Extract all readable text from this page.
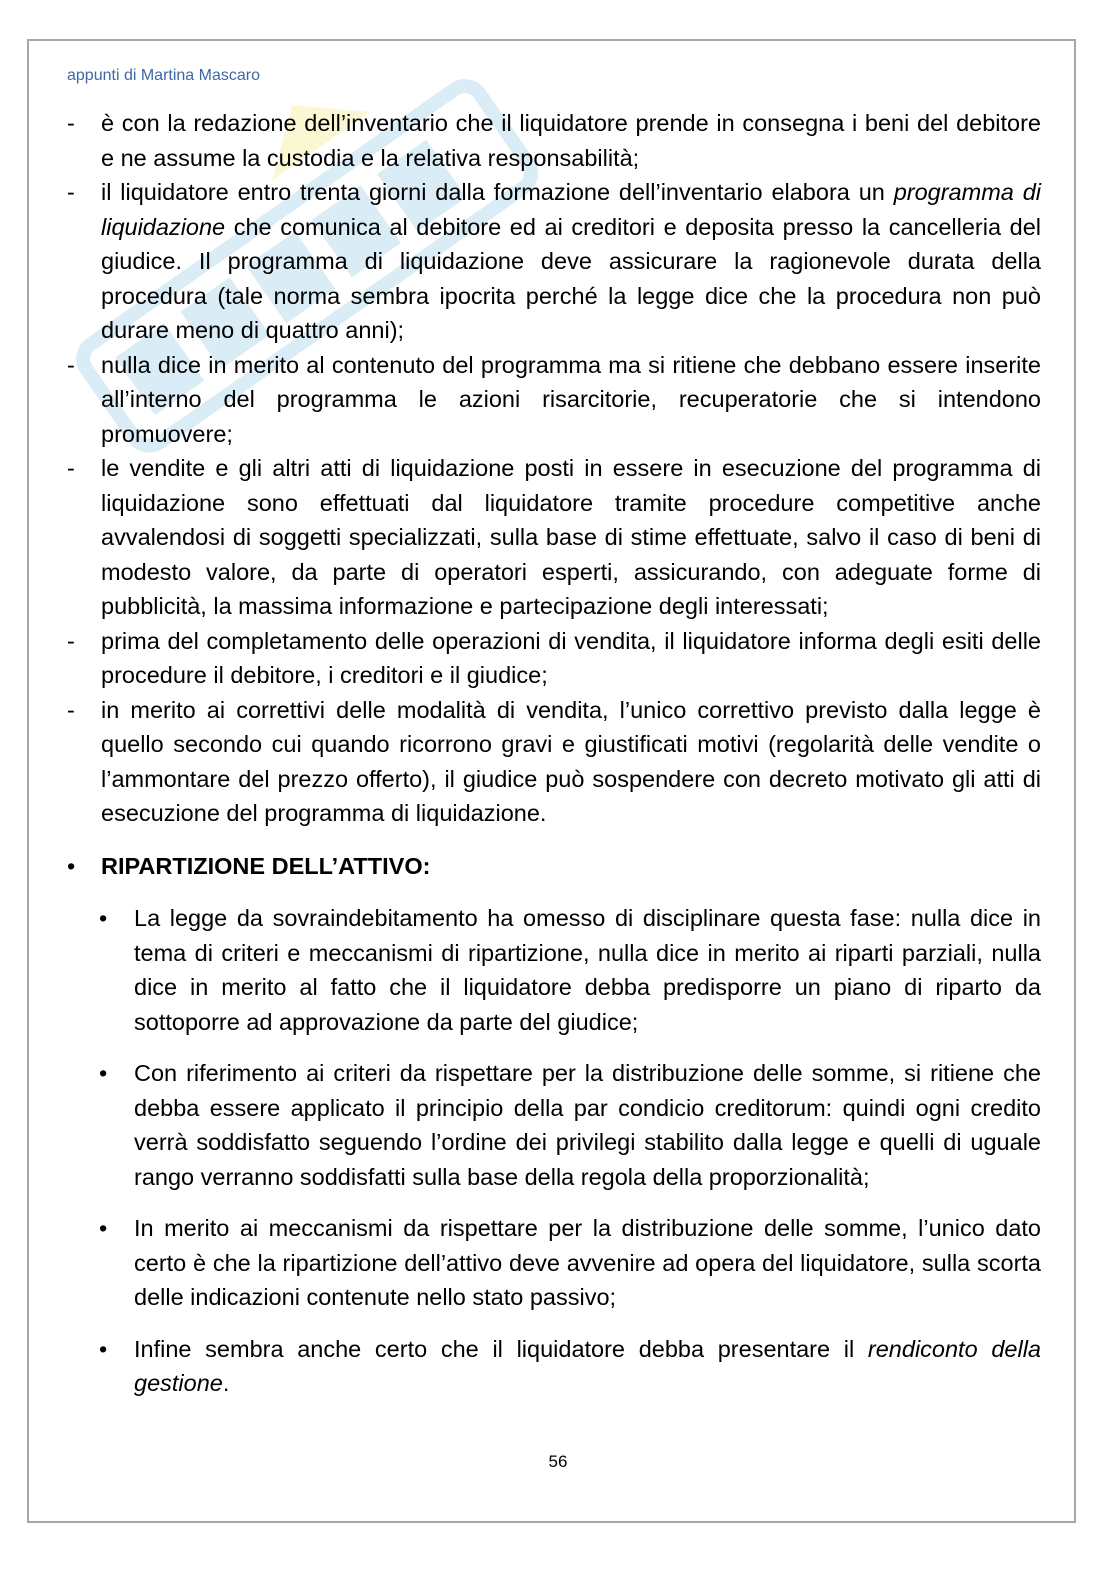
appunti di Martina Mascaro
- è con la redazione dell’inventario che il liquidatore prende in consegna i beni del debitore e ne assume la custodia e la relativa responsabilità;
- il liquidatore entro trenta giorni dalla formazione dell’inventario elabora un programma di liquidazione che comunica al debitore ed ai creditori e deposita presso la cancelleria del giudice. Il programma di liquidazione deve assicurare la ragionevole durata della procedura (tale norma sembra ipocrita perché la legge dice che la procedura non può durare meno di quattro anni);
- nulla dice in merito al contenuto del programma ma si ritiene che debbano essere inserite all’interno del programma le azioni risarcitorie, recuperatorie che si intendono promuovere;
- le vendite e gli altri atti di liquidazione posti in essere in esecuzione del programma di liquidazione sono effettuati dal liquidatore tramite procedure competitive anche avvalendosi di soggetti specializzati, sulla base di stime effettuate, salvo il caso di beni di modesto valore, da parte di operatori esperti, assicurando, con adeguate forme di pubblicità, la massima informazione e partecipazione degli interessati;
- prima del completamento delle operazioni di vendita, il liquidatore informa degli esiti delle procedure il debitore, i creditori e il giudice;
- in merito ai correttivi delle modalità di vendita, l’unico correttivo previsto dalla legge è quello secondo cui quando ricorrono gravi e giustificati motivi (regolarità delle vendite o l’ammontare del prezzo offerto), il giudice può sospendere con decreto motivato gli atti di esecuzione del programma di liquidazione.
• RIPARTIZIONE DELL’ATTIVO:
• La legge da sovraindebitamento ha omesso di disciplinare questa fase: nulla dice in tema di criteri e meccanismi di ripartizione, nulla dice in merito ai riparti parziali, nulla dice in merito al fatto che il liquidatore debba predisporre un piano di riparto da sottoporre ad approvazione da parte del giudice;
• Con riferimento ai criteri da rispettare per la distribuzione delle somme, si ritiene che debba essere applicato il principio della par condicio creditorum: quindi ogni credito verrà soddisfatto seguendo l’ordine dei privilegi stabilito dalla legge e quelli di uguale rango verranno soddisfatti sulla base della regola della proporzionalità;
• In merito ai meccanismi da rispettare per la distribuzione delle somme, l’unico dato certo è che la ripartizione dell’attivo deve avvenire ad opera del liquidatore, sulla scorta delle indicazioni contenute nello stato passivo;
• Infine sembra anche certo che il liquidatore debba presentare il rendiconto della gestione.
56
